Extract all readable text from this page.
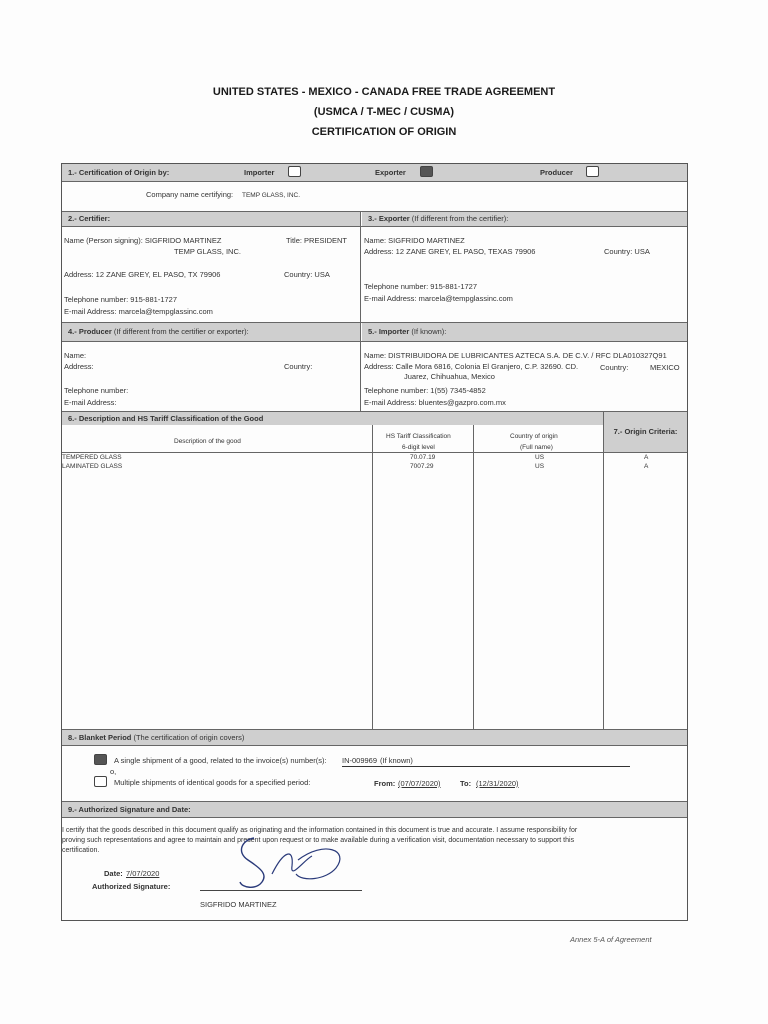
UNITED STATES - MEXICO - CANADA FREE TRADE AGREEMENT
(USMCA / T-MEC / CUSMA)
CERTIFICATION OF ORIGIN
1.- Certification of Origin by:	Importer	Exporter	Producer
Company name certifying: TEMP GLASS, INC.
2.- Certifier:	3.- Exporter (If different from the certifier):
Name (Person signing): SIGFRIDO MARTINEZ
TEMP GLASS, INC.
Title: PRESIDENT
Address: 12 ZANE GREY, EL PASO, TX 79906	Country: USA
Telephone number: 915-881-1727
E-mail Address: marcela@tempglassinc.com
Name: SIGFRIDO MARTINEZ
Address: 12 ZANE GREY, EL PASO, TEXAS 79906	Country: USA
Telephone number: 915-881-1727
E-mail Address: marcela@tempglassinc.com
4.- Producer (If different from the certifier or exporter):	5.- Importer (If known):
Name:
Address:	Country:
Telephone number:
E-mail Address:
Name: DISTRIBUIDORA DE LUBRICANTES AZTECA S.A. DE C.V. / RFC DLA010327Q91
Address: Calle Mora 6816, Colonia El Granjero, C.P. 32690. CD.
Juarez, Chihuahua, Mexico
Country:	MEXICO
Telephone number: 1(55) 7345-4852
E-mail Address: bluentes@gazpro.com.mx
6.- Description and HS Tariff Classification of the Good
Description of the good
HS Tariff Classification
6-digit level
Country of origin
(Full name)
7.- Origin Criteria:
TEMPERED GLASS	70.07.19	US	A
LAMINATED GLASS	7007.29	US	A
8.- Blanket Period (The certification of origin covers)
A single shipment of a good, related to the invoice(s) number(s): IN-009969 (If known)
o,
Multiple shipments of identical goods for a specified period:	From: (07/07/2020)	To: (12/31/2020)
9.- Authorized Signature and Date:
I certify that the goods described in this document qualify as originating and the information contained in this document is true and accurate. I assume responsibility for
proving such representations and agree to maintain and present upon request or to make available during a verification visit, documentation necessary to support this
certification.
Date: 7/07/2020
Authorized Signature:
SIGFRIDO MARTINEZ
Annex 5-A of Agreement
